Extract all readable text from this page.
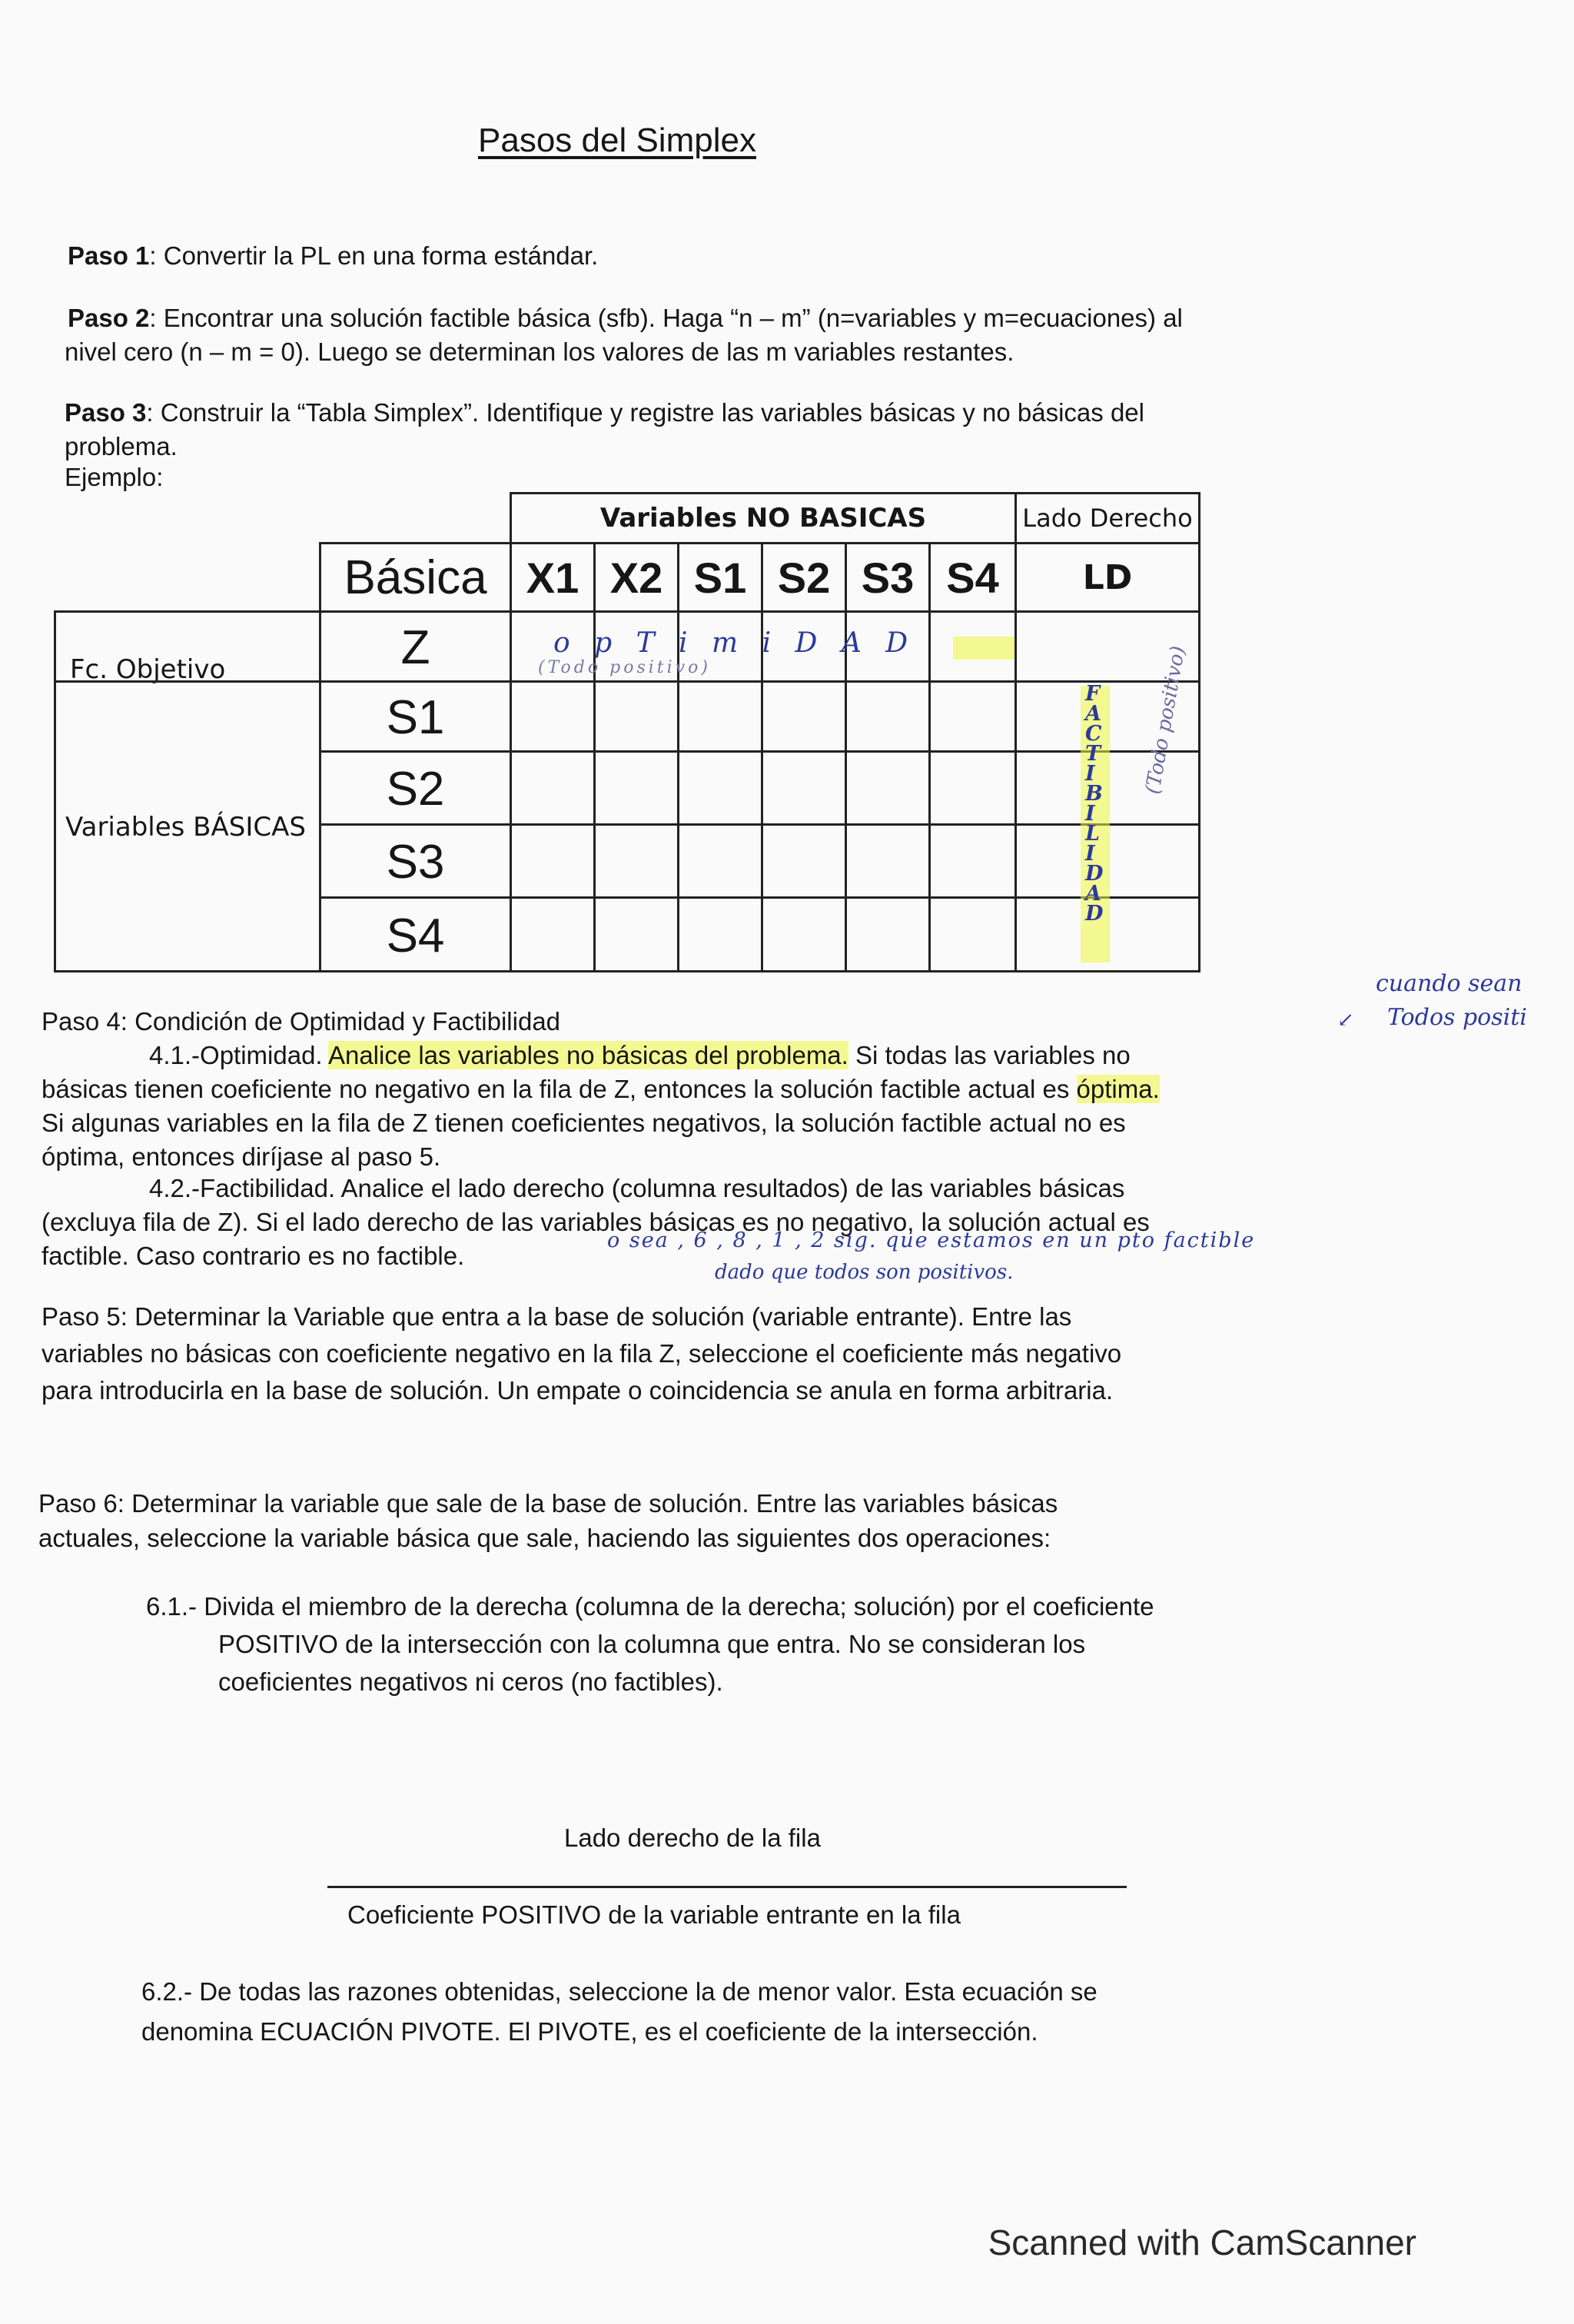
Pasos del Simplex
Paso 1: Convertir la PL en una forma estándar.
Paso 2: Encontrar una solución factible básica (sfb). Haga “n – m” (n=variables y m=ecuaciones) al
nivel cero (n – m = 0). Luego se determinan los valores de las m variables restantes.
Paso 3: Construir la “Tabla Simplex”. Identifique y registre las variables básicas y no básicas del
problema.
Ejemplo:
Variables NO BASICAS	Lado Derecho
Básica X1 X2 S1 S2 S3 S4	LD
Fc. Objetivo
Variables BÁSICAS
Z
S1
S2
S3
S4
o p T i m i D A D
(Todo positivo)
F A C T I B I L I D A D
(Todo positivo)
Paso 4: Condición de Optimidad y Factibilidad
4.1.-Optimidad. Analice las variables no básicas del problema. Si todas las variables no
básicas tienen coeficiente no negativo en la fila de Z, entonces la solución factible actual es óptima.
Si algunas variables en la fila de Z tienen coeficientes negativos, la solución factible actual no es
óptima, entonces diríjase al paso 5.
4.2.-Factibilidad. Analice el lado derecho (columna resultados) de las variables básicas
(excluya fila de Z). Si el lado derecho de las variables básicas es no negativo, la solución actual es
factible. Caso contrario es no factible.
cuando sean
↙ Todos positi
o sea , 6 , 8 , 1 , 2 sig. que estamos en un pto factible
dado que todos son positivos.
Paso 5: Determinar la Variable que entra a la base de solución (variable entrante). Entre las
variables no básicas con coeficiente negativo en la fila Z, seleccione el coeficiente más negativo
para introducirla en la base de solución. Un empate o coincidencia se anula en forma arbitraria.
Paso 6: Determinar la variable que sale de la base de solución. Entre las variables básicas
actuales, seleccione la variable básica que sale, haciendo las siguientes dos operaciones:
6.1.- Divida el miembro de la derecha (columna de la derecha; solución) por el coeficiente
POSITIVO de la intersección con la columna que entra. No se consideran los
coeficientes negativos ni ceros (no factibles).
Lado derecho de la fila
Coeficiente POSITIVO de la variable entrante en la fila
6.2.- De todas las razones obtenidas, seleccione la de menor valor. Esta ecuación se
denomina ECUACIÓN PIVOTE. El PIVOTE, es el coeficiente de la intersección.
Scanned with CamScanner
